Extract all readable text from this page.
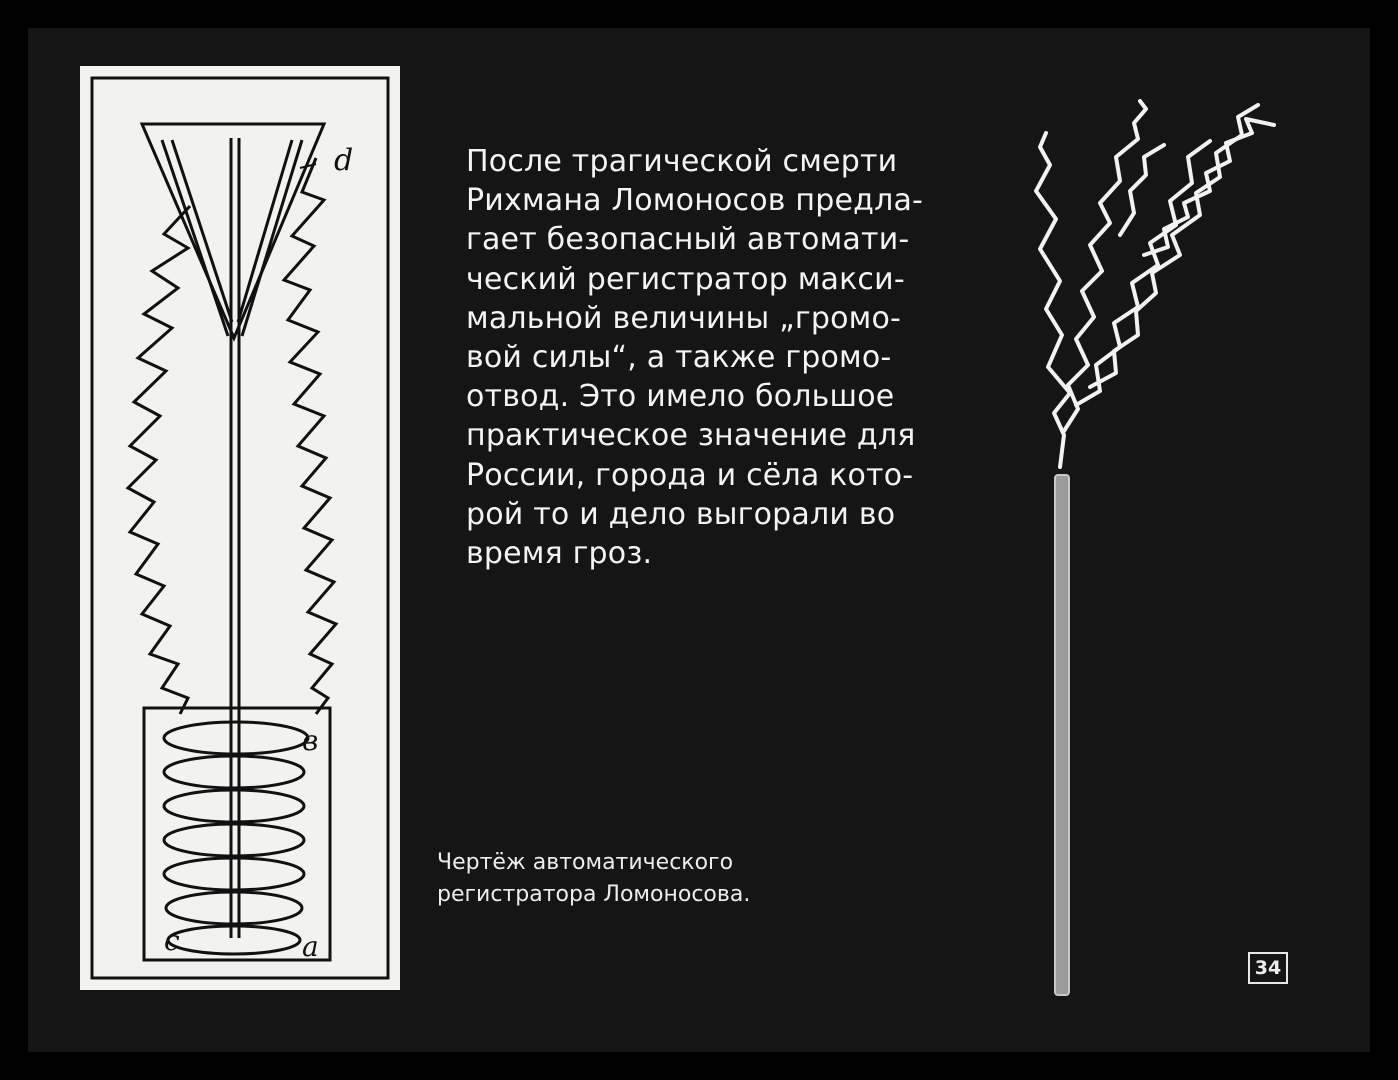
d
в
c	a

После трагической смерти
Рихмана Ломоносов предла-
гает безопасный автомати-
ческий регистратор макси-
мальной величины „громо-
вой силы“, а также громо-
отвод. Это имело большое
практическое значение для
России, города и сёла кото-
рой то и дело выгорали во
время гроз.

Чертёж автоматического
регистратора Ломоносова.

34
